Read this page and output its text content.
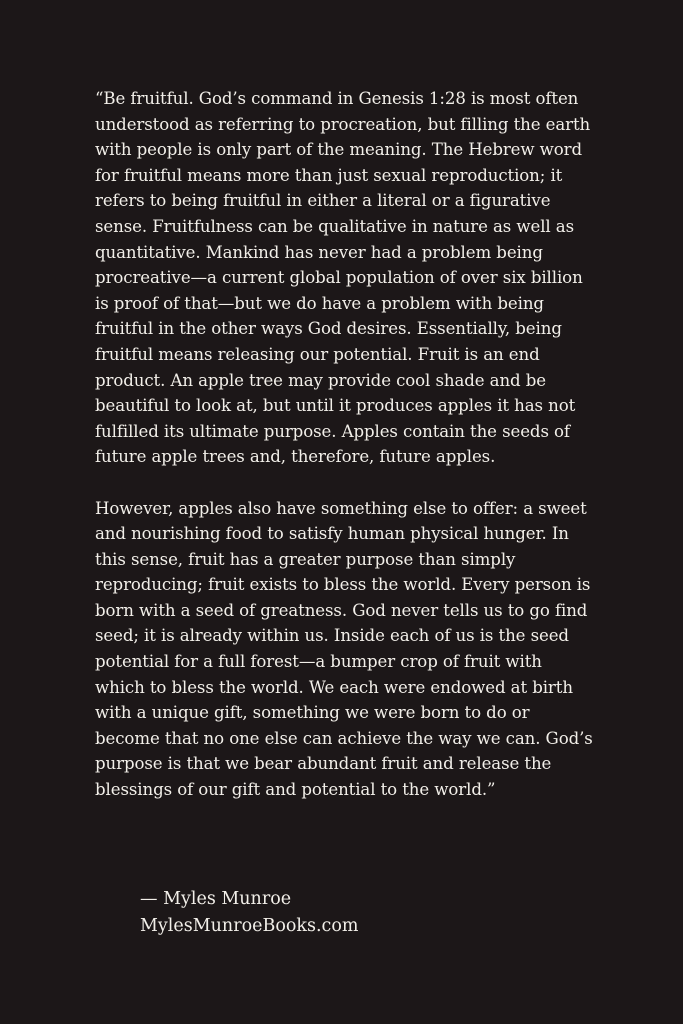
“Be fruitful. God’s command in Genesis 1:28 is most often
understood as referring to procreation, but filling the earth
with people is only part of the meaning. The Hebrew word
for fruitful means more than just sexual reproduction; it
refers to being fruitful in either a literal or a figurative
sense. Fruitfulness can be qualitative in nature as well as
quantitative. Mankind has never had a problem being
procreative—a current global population of over six billion
is proof of that—but we do have a problem with being
fruitful in the other ways God desires. Essentially, being
fruitful means releasing our potential. Fruit is an end
product. An apple tree may provide cool shade and be
beautiful to look at, but until it produces apples it has not
fulfilled its ultimate purpose. Apples contain the seeds of
future apple trees and, therefore, future apples.
However, apples also have something else to offer: a sweet
and nourishing food to satisfy human physical hunger. In
this sense, fruit has a greater purpose than simply
reproducing; fruit exists to bless the world. Every person is
born with a seed of greatness. God never tells us to go find
seed; it is already within us. Inside each of us is the seed
potential for a full forest—a bumper crop of fruit with
which to bless the world. We each were endowed at birth
with a unique gift, something we were born to do or
become that no one else can achieve the way we can. God’s
purpose is that we bear abundant fruit and release the
blessings of our gift and potential to the world.”
— Myles Munroe
MylesMunroeBooks.com
